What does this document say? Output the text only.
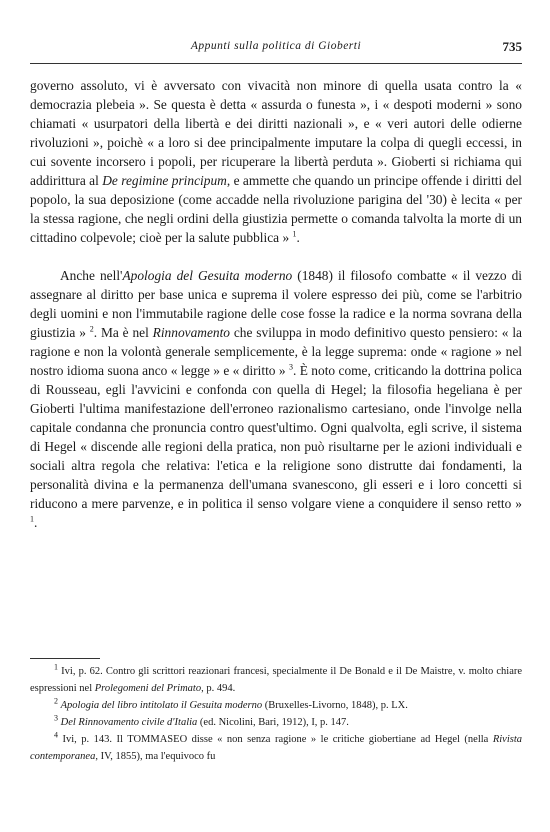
Appunti sulla politica di Gioberti	735

governo assoluto, vi è avversato con vivacità non minore di quella usata contro la « democrazia plebeia ». Se questa è detta « assurda o funesta », i « despoti moderni » sono chiamati « usurpatori della libertà e dei diritti nazionali », e « veri autori delle odierne rivoluzioni », poichè « a loro si dee principalmente imputare la colpa di quegli eccessi, in cui sovente incorsero i popoli, per ricuperare la libertà perduta ». Gioberti si richiama qui addirittura al De regimine principum, e ammette che quando un principe offende i diritti del popolo, la sua deposizione (come accadde nella rivoluzione parigina del '30) è lecita « per la stessa ragione, che negli ordini della giustizia permette o comanda talvolta la morte di un cittadino colpevole; cioè per la salute pubblica » $^1$.

Anche nell'Apologia del Gesuita moderno (1848) il filosofo combatte « il vezzo di assegnare al diritto per base unica e suprema il volere espresso dei più, come se l'arbitrio degli uomini e non l'immutabile ragione delle cose fosse la radice e la norma sovrana della giustizia » $^2$. Ma è nel Rinnovamento che sviluppa in modo definitivo questo pensiero: « la ragione e non la volontà generale semplicemente, è la legge suprema: onde « ragione » nel nostro idioma suona anco « legge » e « diritto » $^3$. È noto come, criticando la dottrina polica di Rousseau, egli l'avvicini e confonda con quella di Hegel; la filosofia hegeliana è per Gioberti l'ultima manifestazione dell'erroneo razionalismo cartesiano, onde l'involge nella capitale condanna che pronuncia contro quest'ultimo. Ogni qualvolta, egli scrive, il sistema di Hegel « discende alle regioni della pratica, non può risultarne per le azioni individuali e sociali altra regola che relativa: l'etica e la religione sono distrutte dai fondamenti, la personalità divina e la permanenza dell'umana svanescono, gli esseri e i loro concetti si riducono a mere parvenze, e in politica il senso volgare viene a conquidere il senso retto » $^1$.

$^1$ Ivi, p. 62. Contro gli scrittori reazionari francesi, specialmente il De Bonald e il De Maistre, v. molto chiare espressioni nel Prolegomeni del Primato, p. 494.

$^2$ Apologia del libro intitolato il Gesuita moderno (Bruxelles-Livorno, 1848), p. LX.

$^3$ Del Rinnovamento civile d'Italia (ed. Nicolini, Bari, 1912), I, p. 147.

$^4$ Ivi, p. 143. Il TOMMASEO disse « non senza ragione » le critiche giobertiane ad Hegel (nella Rivista contemporanea, IV, 1855), ma l'equivoco fu
